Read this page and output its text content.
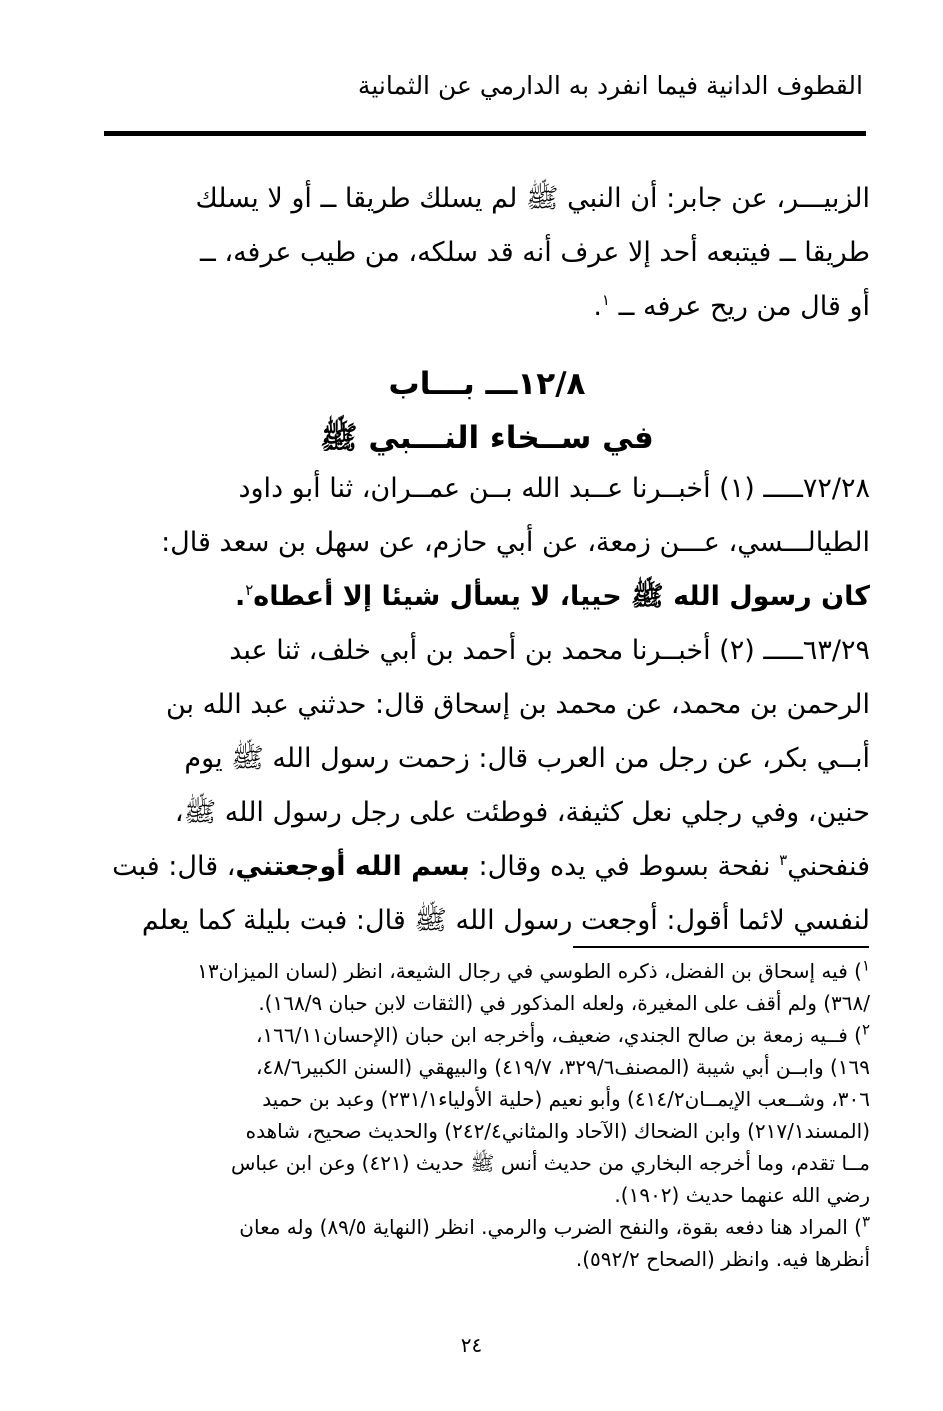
القطوف الدانية فيما انفرد به الدارمي عن الثمانية
الزبيـــر، عن جابر: أن النبي ﷺ لم يسلك طريقا ــ أو لا يسلك
طريقا ــ فيتبعه أحد إلا عرف أنه قد سلكه، من طيب عرفه، ــ
أو قال من ريح عرفه ــ $^١$.
١٢/٨ـــ بـــاب
في ســخاء النـــبي ﷺ
٧٢/٢٨ـــــ (١) أخبــرنا عــبد الله بــن عمــران، ثنا أبو داود
الطيالـــسي، عـــن زمعة، عن أبي حازم، عن سهل بن سعد قال:
كان رسول الله ﷺ حييا، لا يسأل شيئا إلا أعطاه$^٢$.
٦٣/٢٩ـــــ (٢) أخبــرنا محمد بن أحمد بن أبي خلف، ثنا عبد
الرحمن بن محمد، عن محمد بن إسحاق قال: حدثني عبد الله بن
أبــي بكر، عن رجل من العرب قال: زحمت رسول الله ﷺ يوم
حنين، وفي رجلي نعل كثيفة، فوطئت على رجل رسول الله ﷺ،
فنفحني$^٣$ نفحة بسوط في يده وقال: بسم الله أوجعتني، قال: فبت
لنفسي لائما أقول: أوجعت رسول الله ﷺ قال: فبت بليلة كما يعلم
$^١$) فيه إسحاق بن الفضل، ذكره الطوسي في رجال الشيعة، انظر (لسان الميزان١٣
/٣٦٨) ولم أقف على المغيرة، ولعله المذكور في (الثقات لابن حبان ١٦٨/٩).
$^٢$) فــيه زمعة بن صالح الجندي، ضعيف، وأخرجه ابن حبان (الإحسان١٦٦/١١،
١٦٩) وابــن أبي شيبة (المصنف٣٢٩/٦، ٤١٩/٧) والبيهقي (السنن الكبير٤٨/٦،
٣٠٦، وشــعب الإيمــان٤١٤/٢) وأبو نعيم (حلية الأولياء٢٣١/١) وعبد بن حميد
(المسند٢١٧/١) وابن الضحاك (الآحاد والمثاني٢٤٢/٤) والحديث صحيح، شاهده
مــا تقدم، وما أخرجه البخاري من حديث أنس ﷺ حديث (٤٢١) وعن ابن عباس
رضي الله عنهما حديث (١٩٠٢).
$^٣$) المراد هنا دفعه بقوة، والنفح الضرب والرمي. انظر (النهاية ٨٩/٥) وله معان
أنظرها فيه. وانظر (الصحاح ٥٩٢/٢).
٢٤
